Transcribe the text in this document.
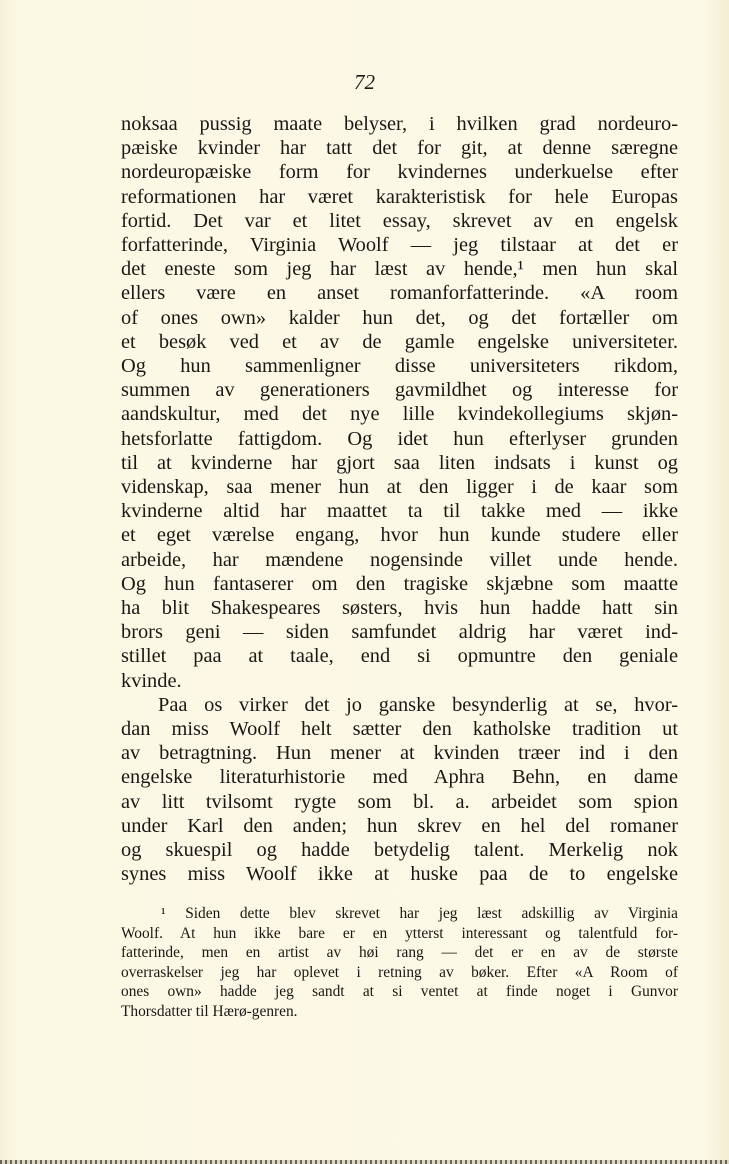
72
noksaa pussig maate belyser, i hvilken grad nordeuro-
pæiske kvinder har tatt det for git, at denne særegne
nordeuropæiske form for kvindernes underkuelse efter
reformationen har været karakteristisk for hele Europas
fortid. Det var et litet essay, skrevet av en engelsk
forfatterinde, Virginia Woolf — jeg tilstaar at det er
det eneste som jeg har læst av hende,¹ men hun skal
ellers være en anset romanforfatterinde. «A room
of ones own» kalder hun det, og det fortæller om
et besøk ved et av de gamle engelske universiteter.
Og hun sammenligner disse universiteters rikdom,
summen av generationers gavmildhet og interesse for
aandskultur, med det nye lille kvindekollegiums skjøn-
hetsforlatte fattigdom. Og idet hun efterlyser grunden
til at kvinderne har gjort saa liten indsats i kunst og
videnskap, saa mener hun at den ligger i de kaar som
kvinderne altid har maattet ta til takke med — ikke
et eget værelse engang, hvor hun kunde studere eller
arbeide, har mændene nogensinde villet unde hende.
Og hun fantaserer om den tragiske skjæbne som maatte
ha blit Shakespeares søsters, hvis hun hadde hatt sin
brors geni — siden samfundet aldrig har været ind-
stillet paa at taale, end si opmuntre den geniale
kvinde.
Paa os virker det jo ganske besynderlig at se, hvor-
dan miss Woolf helt sætter den katholske tradition ut
av betragtning. Hun mener at kvinden træer ind i den
engelske literaturhistorie med Aphra Behn, en dame
av litt tvilsomt rygte som bl. a. arbeidet som spion
under Karl den anden; hun skrev en hel del romaner
og skuespil og hadde betydelig talent. Merkelig nok
synes miss Woolf ikke at huske paa de to engelske
¹ Siden dette blev skrevet har jeg læst adskillig av Virginia
Woolf. At hun ikke bare er en ytterst interessant og talentfuld for-
fatterinde, men en artist av høi rang — det er en av de største
overraskelser jeg har oplevet i retning av bøker. Efter «A Room of
ones own» hadde jeg sandt at si ventet at finde noget i Gunvor
Thorsdatter til Hærø-genren.
